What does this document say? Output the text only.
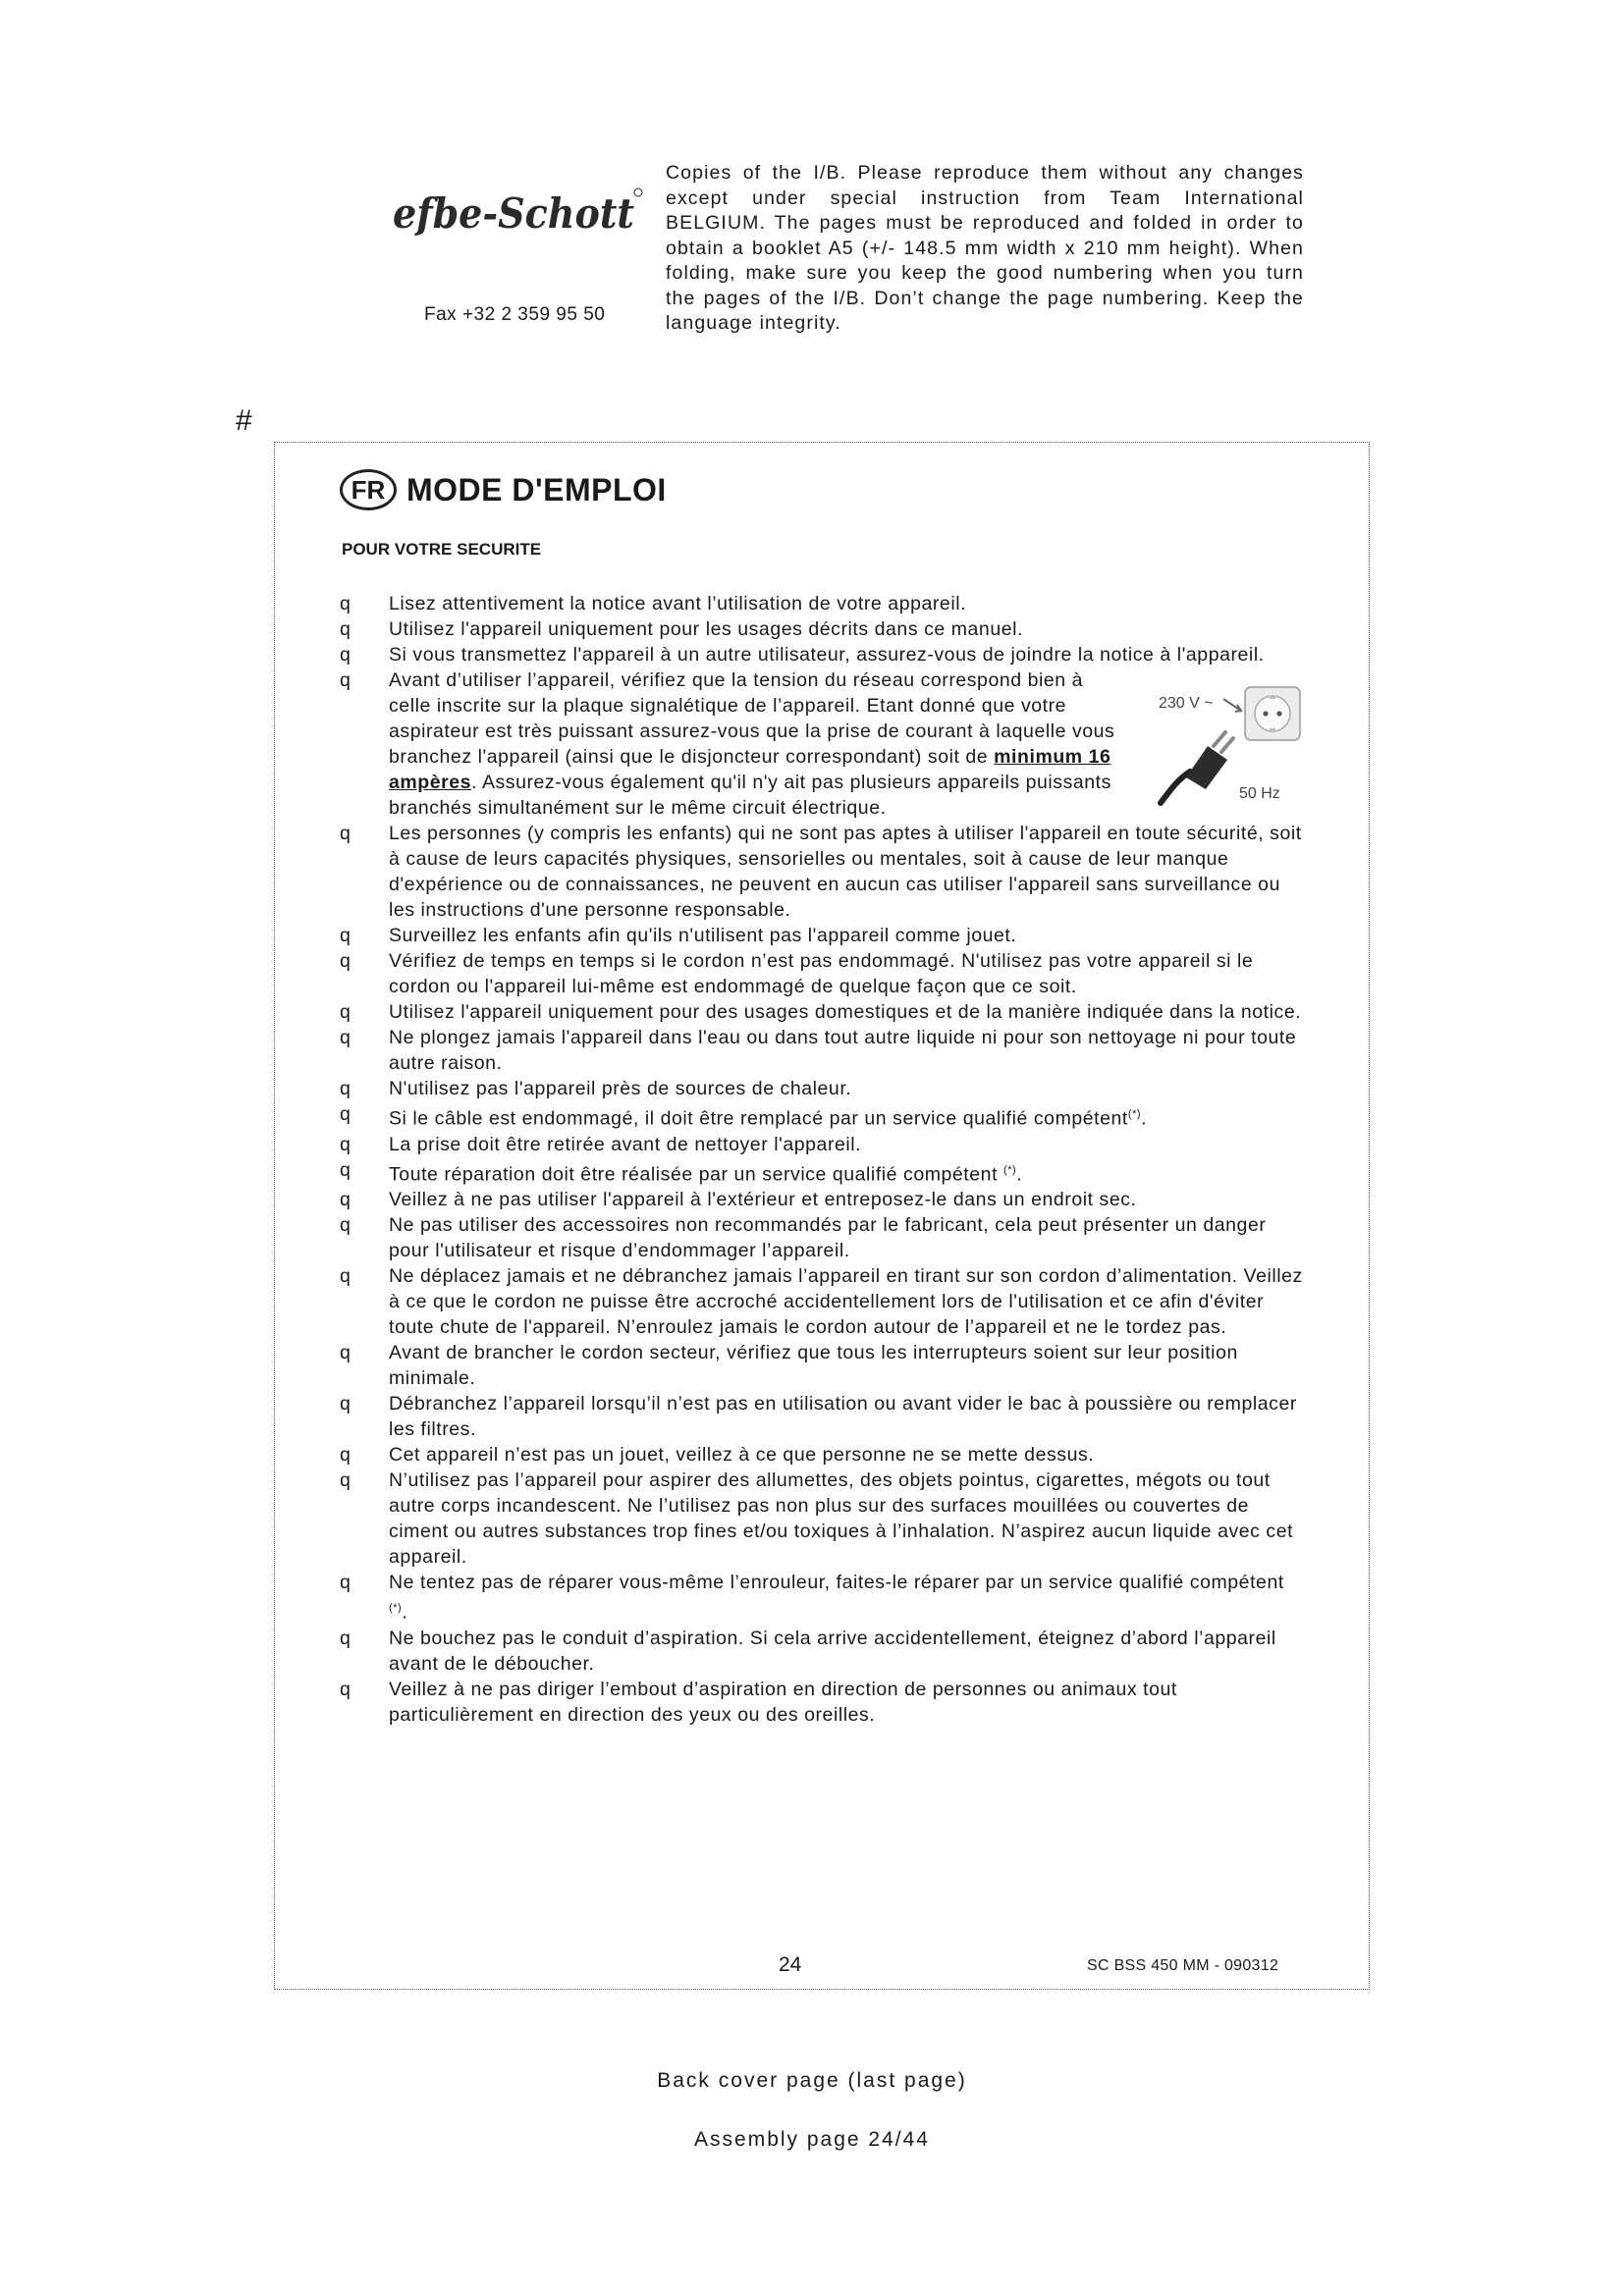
efbe-Schott
Fax +32 2 359 95 50
Copies of the I/B. Please reproduce them without any changes except under special instruction from Team International BELGIUM. The pages must be reproduced and folded in order to obtain a booklet A5 (+/- 148.5 mm width x 210 mm height). When folding, make sure you keep the good numbering when you turn the pages of the I/B. Don’t change the page numbering. Keep the language integrity.
#
FR MODE D'EMPLOI
POUR VOTRE SECURITE
q	Lisez attentivement la notice avant l’utilisation de votre appareil.
q	Utilisez l'appareil uniquement pour les usages décrits dans ce manuel.
q	Si vous transmettez l'appareil à un autre utilisateur, assurez-vous de joindre la notice à l'appareil.
q	Avant d’utiliser l’appareil, vérifiez que la tension du réseau correspond bien à celle inscrite sur la plaque signalétique de l’appareil. Etant donné que votre aspirateur est très puissant assurez-vous que la prise de courant à laquelle vous branchez l'appareil (ainsi que le disjoncteur correspondant) soit de minimum 16 ampères. Assurez-vous également qu'il n'y ait pas plusieurs appareils puissants branchés simultanément sur le même circuit électrique.
q	Les personnes (y compris les enfants) qui ne sont pas aptes à utiliser l'appareil en toute sécurité, soit à cause de leurs capacités physiques, sensorielles ou mentales, soit à cause de leur manque d'expérience ou de connaissances, ne peuvent en aucun cas utiliser l'appareil sans surveillance ou les instructions d'une personne responsable.
q	Surveillez les enfants afin qu'ils n'utilisent pas l'appareil comme jouet.
q	Vérifiez de temps en temps si le cordon n’est pas endommagé. N'utilisez pas votre appareil si le cordon ou l'appareil lui-même est endommagé de quelque façon que ce soit.
q	Utilisez l'appareil uniquement pour des usages domestiques et de la manière indiquée dans la notice.
q	Ne plongez jamais l'appareil dans l'eau ou dans tout autre liquide ni pour son nettoyage ni pour toute autre raison.
q	N'utilisez pas l'appareil près de sources de chaleur.
q	Si le câble est endommagé, il doit être remplacé par un service qualifié compétent(*).
q	La prise doit être retirée avant de nettoyer l'appareil.
q	Toute réparation doit être réalisée par un service qualifié compétent (*).
q	Veillez à ne pas utiliser l'appareil à l'extérieur et entreposez-le dans un endroit sec.
q	Ne pas utiliser des accessoires non recommandés par le fabricant, cela peut présenter un danger pour l'utilisateur et risque d’endommager l’appareil.
q	Ne déplacez jamais et ne débranchez jamais l’appareil en tirant sur son cordon d’alimentation. Veillez à ce que le cordon ne puisse être accroché accidentellement lors de l'utilisation et ce afin d'éviter toute chute de l'appareil. N’enroulez jamais le cordon autour de l’appareil et ne le tordez pas.
q	Avant de brancher le cordon secteur, vérifiez que tous les interrupteurs soient sur leur position minimale.
q	Débranchez l’appareil lorsqu’il n’est pas en utilisation ou avant vider le bac à poussière ou remplacer les filtres.
q	Cet appareil n’est pas un jouet, veillez à ce que personne ne se mette dessus.
q	N’utilisez pas l’appareil pour aspirer des allumettes, des objets pointus, cigarettes, mégots ou tout autre corps incandescent. Ne l’utilisez pas non plus sur des surfaces mouillées ou couvertes de ciment ou autres substances trop fines et/ou toxiques à l’inhalation. N’aspirez aucun liquide avec cet appareil.
q	Ne tentez pas de réparer vous-même l’enrouleur, faites-le réparer par un service qualifié compétent (*).
q	Ne bouchez pas le conduit d’aspiration. Si cela arrive accidentellement, éteignez d’abord l’appareil avant de le déboucher.
q	Veillez à ne pas diriger l’embout d’aspiration en direction de personnes ou animaux tout particulièrement en direction des yeux ou des oreilles.
230 V ~
50 Hz
24	SC BSS 450 MM - 090312
Back cover page (last page)
Assembly page 24/44
